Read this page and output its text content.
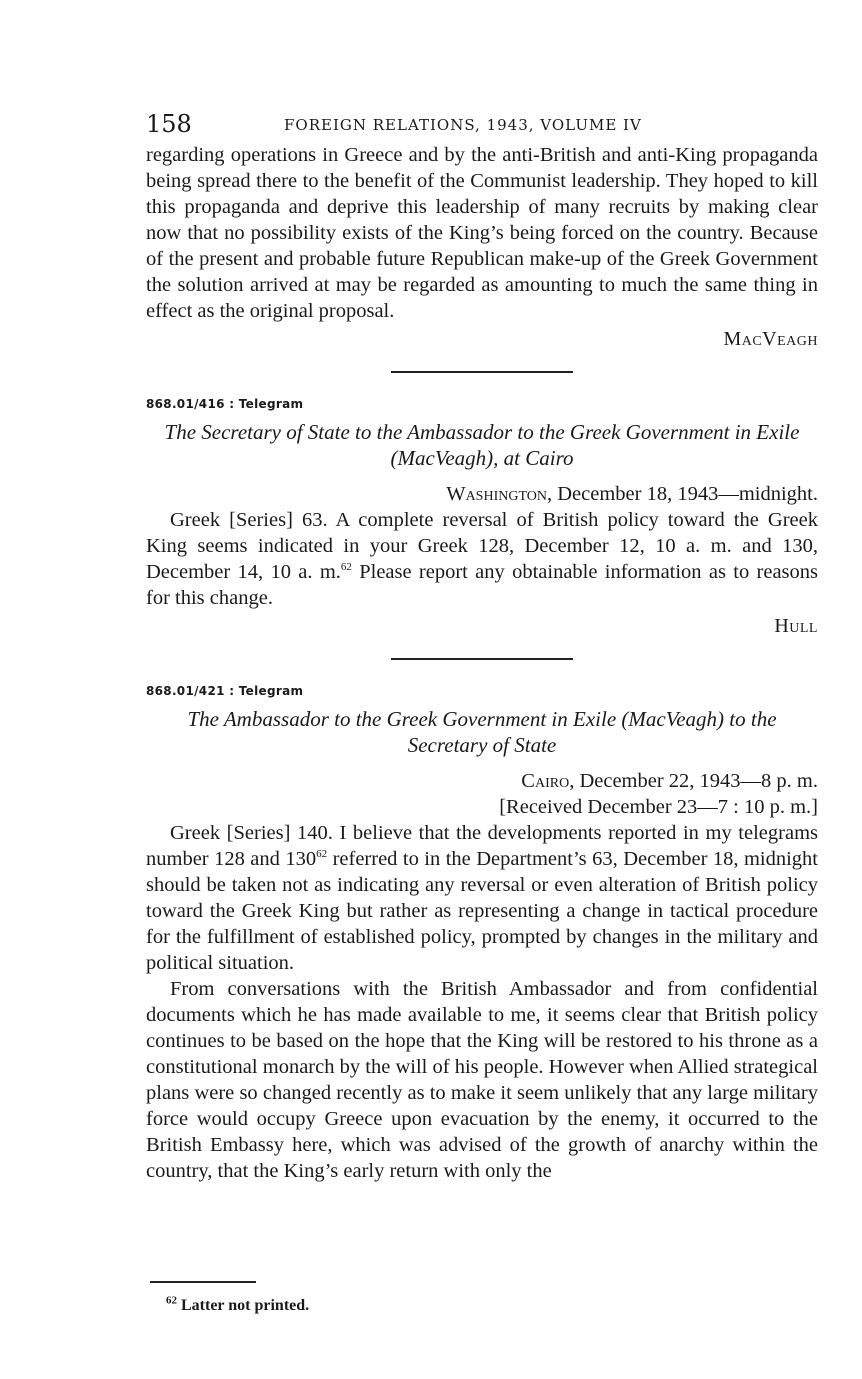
158	FOREIGN RELATIONS, 1943, VOLUME IV

regarding operations in Greece and by the anti-British and anti-King propaganda being spread there to the benefit of the Communist leadership. They hoped to kill this propaganda and deprive this leadership of many recruits by making clear now that no possibility exists of the King’s being forced on the country. Because of the present and probable future Republican make-up of the Greek Government the solution arrived at may be regarded as amounting to much the same thing in effect as the original proposal.

MacVeagh

868.01/416 : Telegram

The Secretary of State to the Ambassador to the Greek Government in Exile (MacVeagh), at Cairo

Washington, December 18, 1943—midnight.

Greek [Series] 63. A complete reversal of British policy toward the Greek King seems indicated in your Greek 128, December 12, 10 a. m. and 130, December 14, 10 a. m.$^{62}$ Please report any obtainable information as to reasons for this change.

Hull

868.01/421 : Telegram

The Ambassador to the Greek Government in Exile (MacVeagh) to the Secretary of State

Cairo, December 22, 1943—8 p. m.

[Received December 23—7 : 10 p. m.]

Greek [Series] 140. I believe that the developments reported in my telegrams number 128 and 130$^{62}$ referred to in the Department’s 63, December 18, midnight should be taken not as indicating any reversal or even alteration of British policy toward the Greek King but rather as representing a change in tactical procedure for the fulfillment of established policy, prompted by changes in the military and political situation.

From conversations with the British Ambassador and from confidential documents which he has made available to me, it seems clear that British policy continues to be based on the hope that the King will be restored to his throne as a constitutional monarch by the will of his people. However when Allied strategical plans were so changed recently as to make it seem unlikely that any large military force would occupy Greece upon evacuation by the enemy, it occurred to the British Embassy here, which was advised of the growth of anarchy within the country, that the King’s early return with only the

$^{62}$ Latter not printed.
